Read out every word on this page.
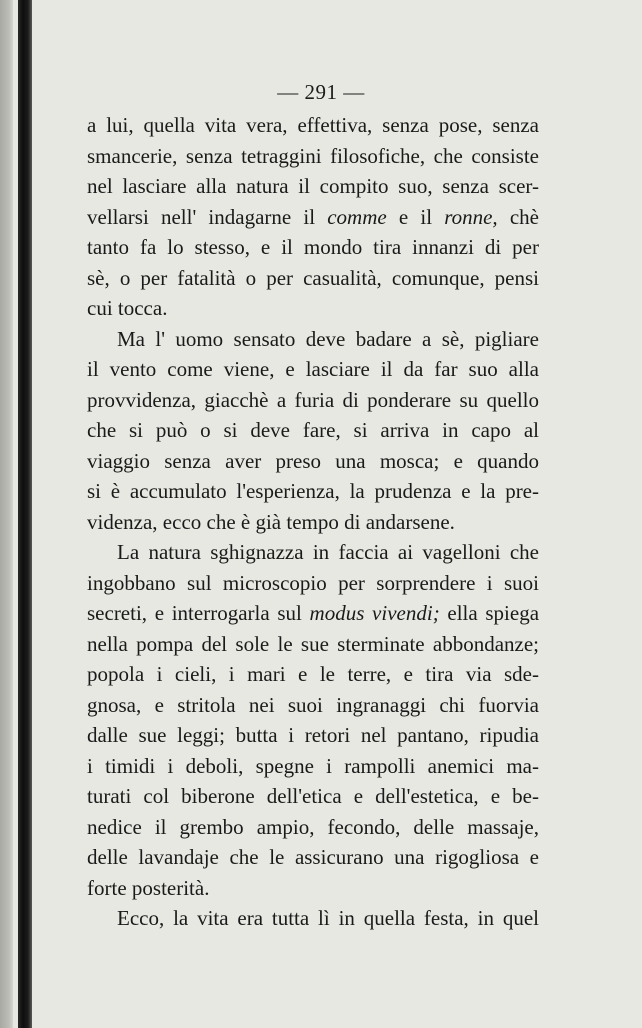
— 291 —

a lui, quella vita vera, effettiva, senza pose, senza

smancerie, senza tetraggini filosofiche, che consiste

nel lasciare alla natura il compito suo, senza scer-

vellarsi nell' indagarne il comme e il ronne, chè

tanto fa lo stesso, e il mondo tira innanzi di per

sè, o per fatalità o per casualità, comunque, pensi

cui tocca.

Ma l' uomo sensato deve badare a sè, pigliare

il vento come viene, e lasciare il da far suo alla

provvidenza, giacchè a furia di ponderare su quello

che si può o si deve fare, si arriva in capo al

viaggio senza aver preso una mosca; e quando

si è accumulato l'esperienza, la prudenza e la pre-

videnza, ecco che è già tempo di andarsene.

La natura sghignazza in faccia ai vagelloni che

ingobbano sul microscopio per sorprendere i suoi

secreti, e interrogarla sul modus vivendi; ella spiega

nella pompa del sole le sue sterminate abbondanze;

popola i cieli, i mari e le terre, e tira via sde-

gnosa, e stritola nei suoi ingranaggi chi fuorvia

dalle sue leggi; butta i retori nel pantano, ripudia

i timidi i deboli, spegne i rampolli anemici ma-

turati col biberone dell'etica e dell'estetica, e be-

nedice il grembo ampio, fecondo, delle massaje,

delle lavandaje che le assicurano una rigogliosa e

forte posterità.

Ecco, la vita era tutta lì in quella festa, in quel
